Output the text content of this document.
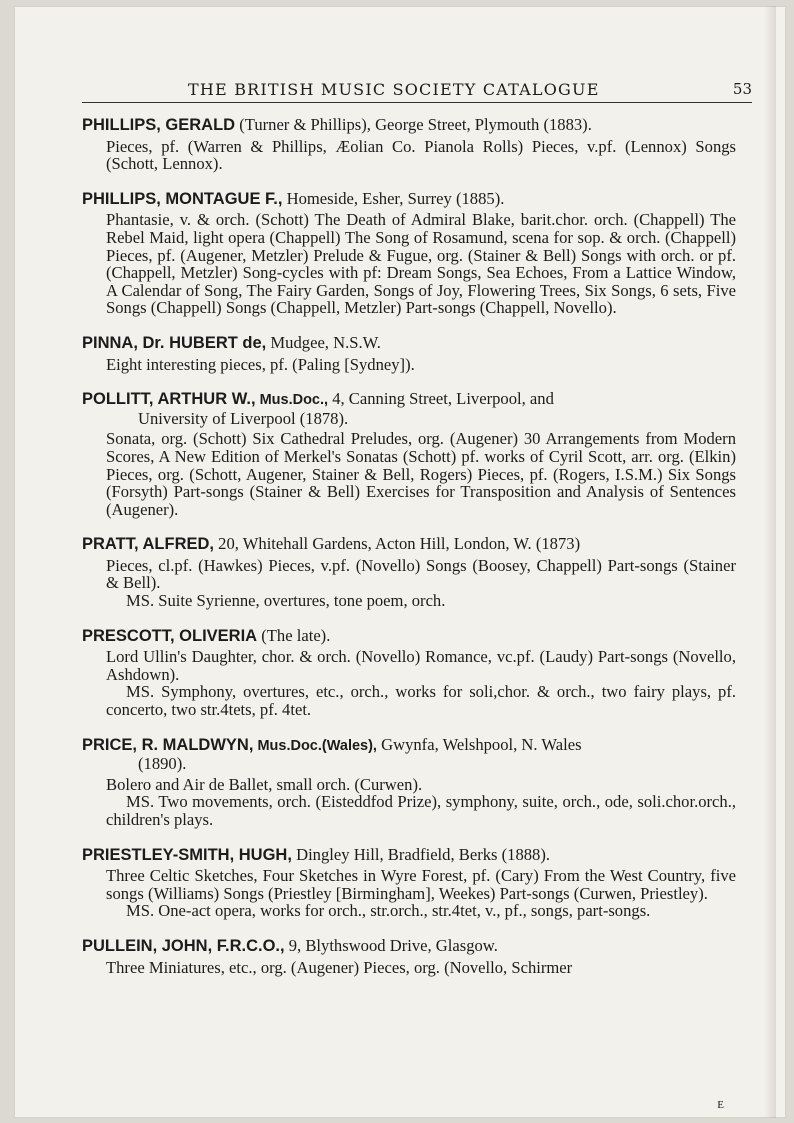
THE BRITISH MUSIC SOCIETY CATALOGUE	53

PHILLIPS, GERALD (Turner & Phillips), George Street, Plymouth (1883).

Pieces, pf. (Warren & Phillips, Æolian Co. Pianola Rolls) Pieces, v.pf. (Lennox) Songs (Schott, Lennox).

PHILLIPS, MONTAGUE F., Homeside, Esher, Surrey (1885).

Phantasie, v. & orch. (Schott) The Death of Admiral Blake, barit.chor. orch. (Chappell) The Rebel Maid, light opera (Chappell) The Song of Rosamund, scena for sop. & orch. (Chappell) Pieces, pf. (Augener, Metzler) Prelude & Fugue, org. (Stainer & Bell) Songs with orch. or pf. (Chappell, Metzler) Song-cycles with pf: Dream Songs, Sea Echoes, From a Lattice Window, A Calendar of Song, The Fairy Garden, Songs of Joy, Flowering Trees, Six Songs, 6 sets, Five Songs (Chappell) Songs (Chappell, Metzler) Part-songs (Chappell, Novello).

PINNA, Dr. HUBERT de, Mudgee, N.S.W.

Eight interesting pieces, pf. (Paling [Sydney]).

POLLITT, ARTHUR W., Mus.Doc., 4, Canning Street, Liverpool, and

University of Liverpool (1878).

Sonata, org. (Schott) Six Cathedral Preludes, org. (Augener) 30 Arrangements from Modern Scores, A New Edition of Merkel's Sonatas (Schott) pf. works of Cyril Scott, arr. org. (Elkin) Pieces, org. (Schott, Augener, Stainer & Bell, Rogers) Pieces, pf. (Rogers, I.S.M.) Six Songs (Forsyth) Part-songs (Stainer & Bell) Exercises for Transposition and Analysis of Sentences (Augener).

PRATT, ALFRED, 20, Whitehall Gardens, Acton Hill, London, W. (1873)

Pieces, cl.pf. (Hawkes) Pieces, v.pf. (Novello) Songs (Boosey, Chappell) Part-songs (Stainer & Bell).

MS. Suite Syrienne, overtures, tone poem, orch.

PRESCOTT, OLIVERIA (The late).

Lord Ullin's Daughter, chor. & orch. (Novello) Romance, vc.pf. (Laudy) Part-songs (Novello, Ashdown).

MS. Symphony, overtures, etc., orch., works for soli,chor. & orch., two fairy plays, pf. concerto, two str.4tets, pf. 4tet.

PRICE, R. MALDWYN, Mus.Doc.(Wales), Gwynfa, Welshpool, N. Wales

(1890).

Bolero and Air de Ballet, small orch. (Curwen).

MS. Two movements, orch. (Eisteddfod Prize), symphony, suite, orch., ode, soli.chor.orch., children's plays.

PRIESTLEY-SMITH, HUGH, Dingley Hill, Bradfield, Berks (1888).

Three Celtic Sketches, Four Sketches in Wyre Forest, pf. (Cary) From the West Country, five songs (Williams) Songs (Priestley [Birmingham], Weekes) Part-songs (Curwen, Priestley).

MS. One-act opera, works for orch., str.orch., str.4tet, v., pf., songs, part-songs.

PULLEIN, JOHN, F.R.C.O., 9, Blythswood Drive, Glasgow.

Three Miniatures, etc., org. (Augener) Pieces, org. (Novello, Schirmer

E
